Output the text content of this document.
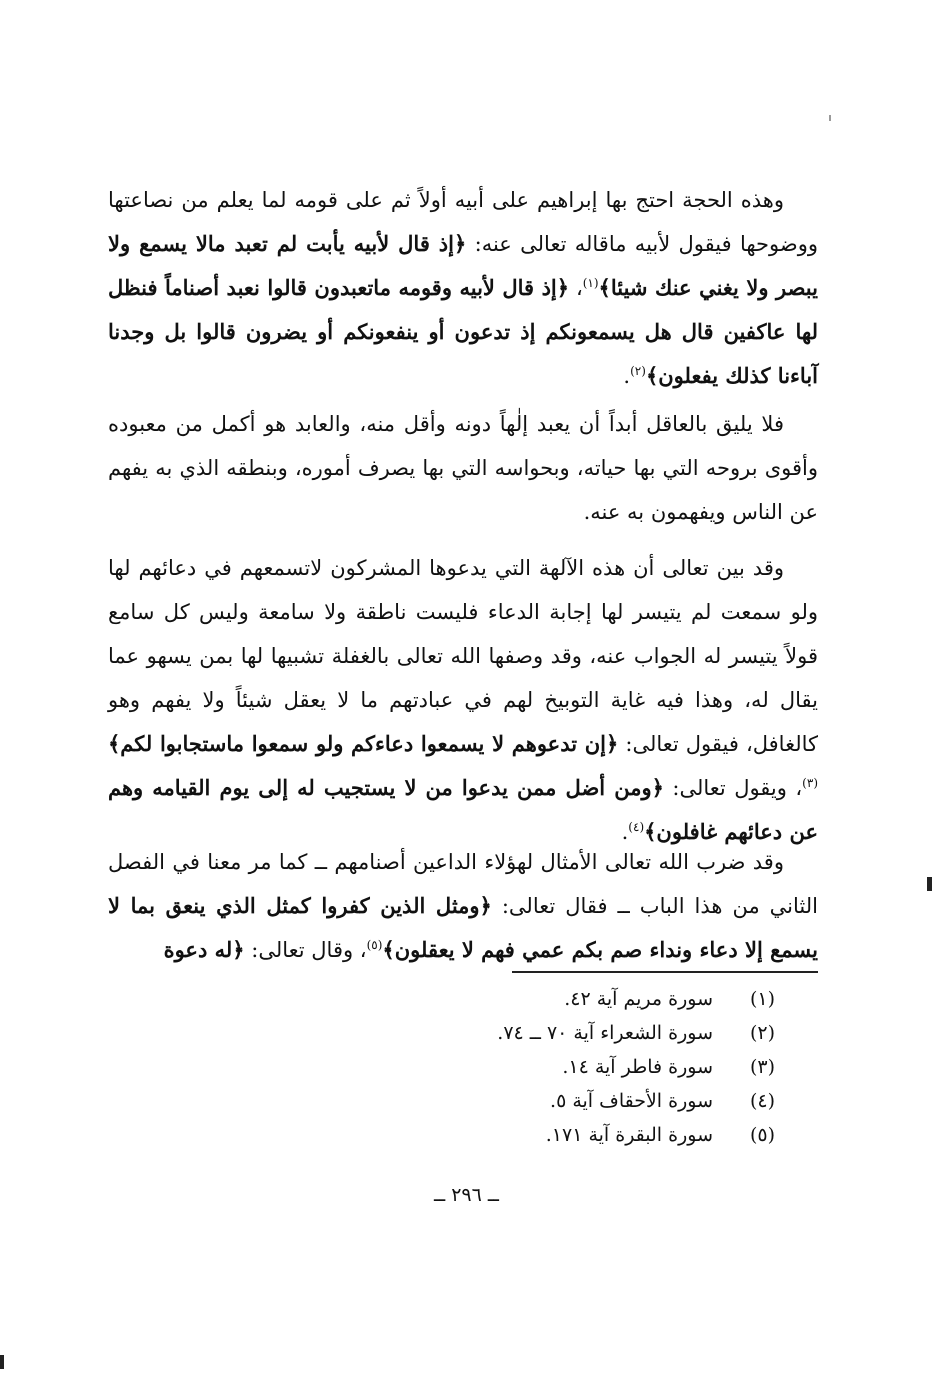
وهذه الحجة احتج بها إبراهيم على أبيه أولاً ثم على قومه لما يعلم من نصاعتها ووضوحها فيقول لأبيه ماقاله تعالى عنه: ﴿إذ قال لأبيه يأبت لم تعبد مالا يسمع ولا يبصر ولا يغني عنك شيئا﴾$^{(١)}$، ﴿إذ قال لأبيه وقومه ماتعبدون قالوا نعبد أصناماً فنظل لها عاكفين قال هل يسمعونكم إذ تدعون أو ينفعونكم أو يضرون قالوا بل وجدنا آباءنا كذلك يفعلون﴾$^{(٢)}$.

فلا يليق بالعاقل أبداً أن يعبد إلٰهاً دونه وأقل منه، والعابد هو أكمل من معبوده وأقوى بروحه التي بها حياته، وبحواسه التي بها يصرف أموره، وبنطقه الذي به يفهم عن الناس ويفهمون به عنه.

وقد بين تعالى أن هذه الآلهة التي يدعوها المشركون لاتسمعهم في دعائهم لها ولو سمعت لم يتيسر لها إجابة الدعاء فليست ناطقة ولا سامعة وليس كل سامع قولاً يتيسر له الجواب عنه، وقد وصفها الله تعالى بالغفلة تشبيها لها بمن يسهو عما يقال له، وهذا فيه غاية التوبيخ لهم في عبادتهم ما لا يعقل شيئاً ولا يفهم وهو كالغافل، فيقول تعالى: ﴿إن تدعوهم لا يسمعوا دعاءكم ولو سمعوا ماستجابوا لكم﴾$^{(٣)}$، ويقول تعالى: ﴿ومن أضل ممن يدعوا من لا يستجيب له إلى يوم القيامه وهم عن دعائهم غافلون﴾$^{(٤)}$.

وقد ضرب الله تعالى الأمثال لهؤلاء الداعين أصنامهم ــ كما مر معنا في الفصل الثاني من هذا الباب ــ فقال تعالى: ﴿ومثل الذين كفروا كمثل الذي ينعق بما لا يسمع إلا دعاء ونداء صم بكم عمي فهم لا يعقلون﴾$^{(٥)}$، وقال تعالى: ﴿له دعوة

(١)
سورة مريم آية ٤٢.
(٢)
سورة الشعراء آية ٧٠ ــ ٧٤.
(٣)
سورة فاطر آية ١٤.
(٤)
سورة الأحقاف آية ٥.
(٥)
سورة البقرة آية ١٧١.
ــ ٢٩٦ ــ
